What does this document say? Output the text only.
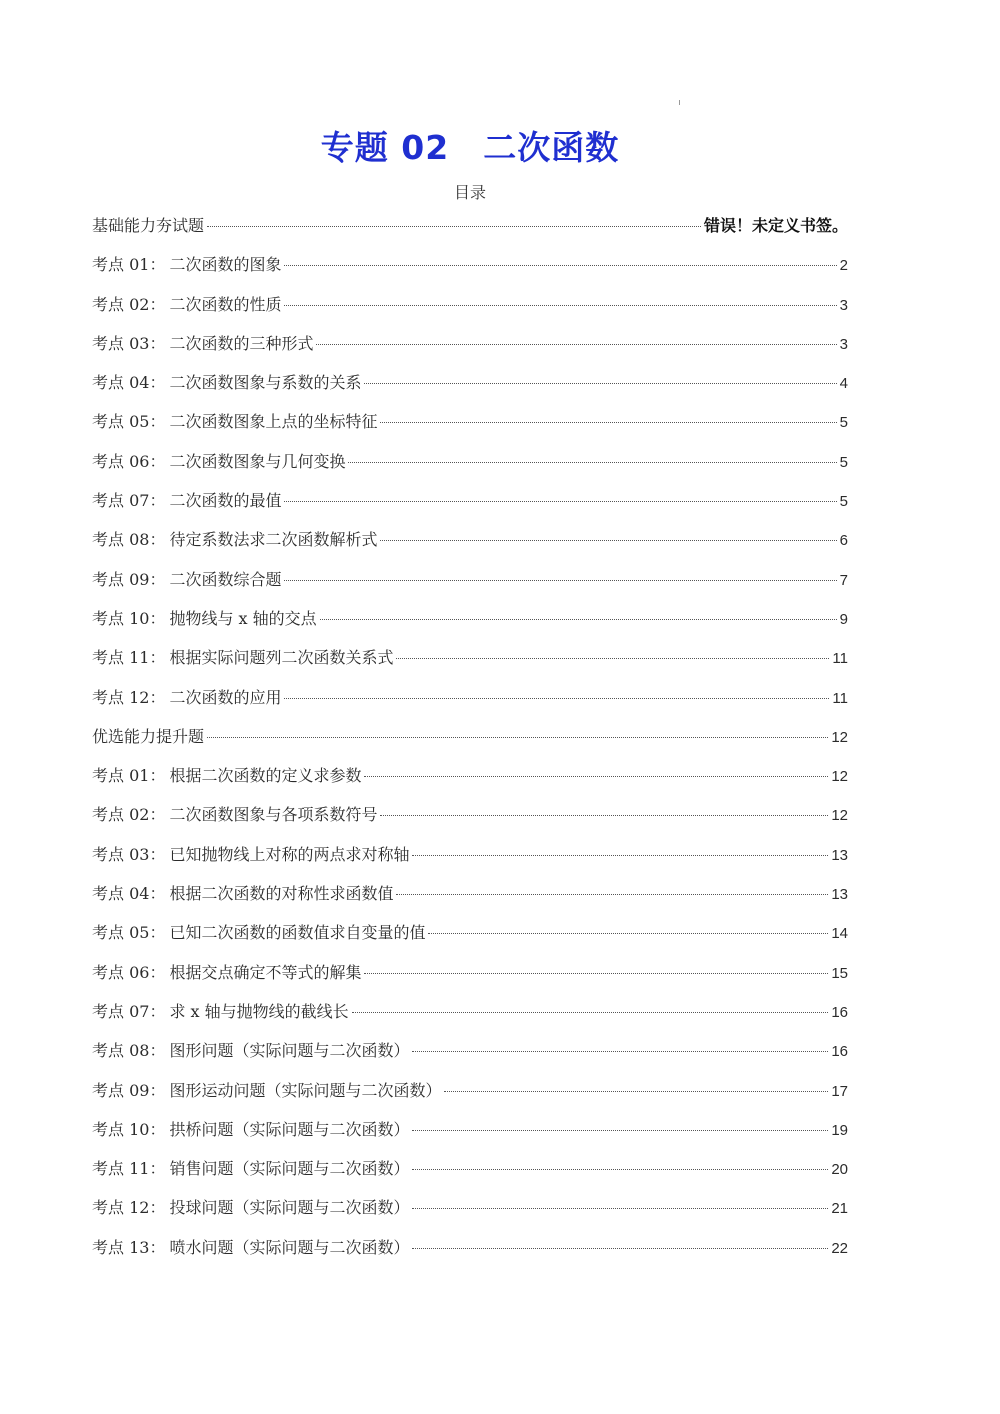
专题 02　二次函数
目录
基础能力夯试题	错误！未定义书签。
考点 01： 二次函数的图象	2
考点 02： 二次函数的性质	3
考点 03： 二次函数的三种形式	3
考点 04： 二次函数图象与系数的关系	4
考点 05： 二次函数图象上点的坐标特征	5
考点 06： 二次函数图象与几何变换	5
考点 07： 二次函数的最值	5
考点 08： 待定系数法求二次函数解析式	6
考点 09： 二次函数综合题	7
考点 10： 抛物线与 x 轴的交点	9
考点 11： 根据实际问题列二次函数关系式	11
考点 12： 二次函数的应用	11
优选能力提升题	12
考点 01： 根据二次函数的定义求参数	12
考点 02： 二次函数图象与各项系数符号	12
考点 03： 已知抛物线上对称的两点求对称轴	13
考点 04： 根据二次函数的对称性求函数值	13
考点 05： 已知二次函数的函数值求自变量的值	14
考点 06： 根据交点确定不等式的解集	15
考点 07： 求 x 轴与抛物线的截线长	16
考点 08： 图形问题（实际问题与二次函数）	16
考点 09： 图形运动问题（实际问题与二次函数）	17
考点 10： 拱桥问题（实际问题与二次函数）	19
考点 11： 销售问题（实际问题与二次函数）	20
考点 12： 投球问题（实际问题与二次函数）	21
考点 13： 喷水问题（实际问题与二次函数）	22
